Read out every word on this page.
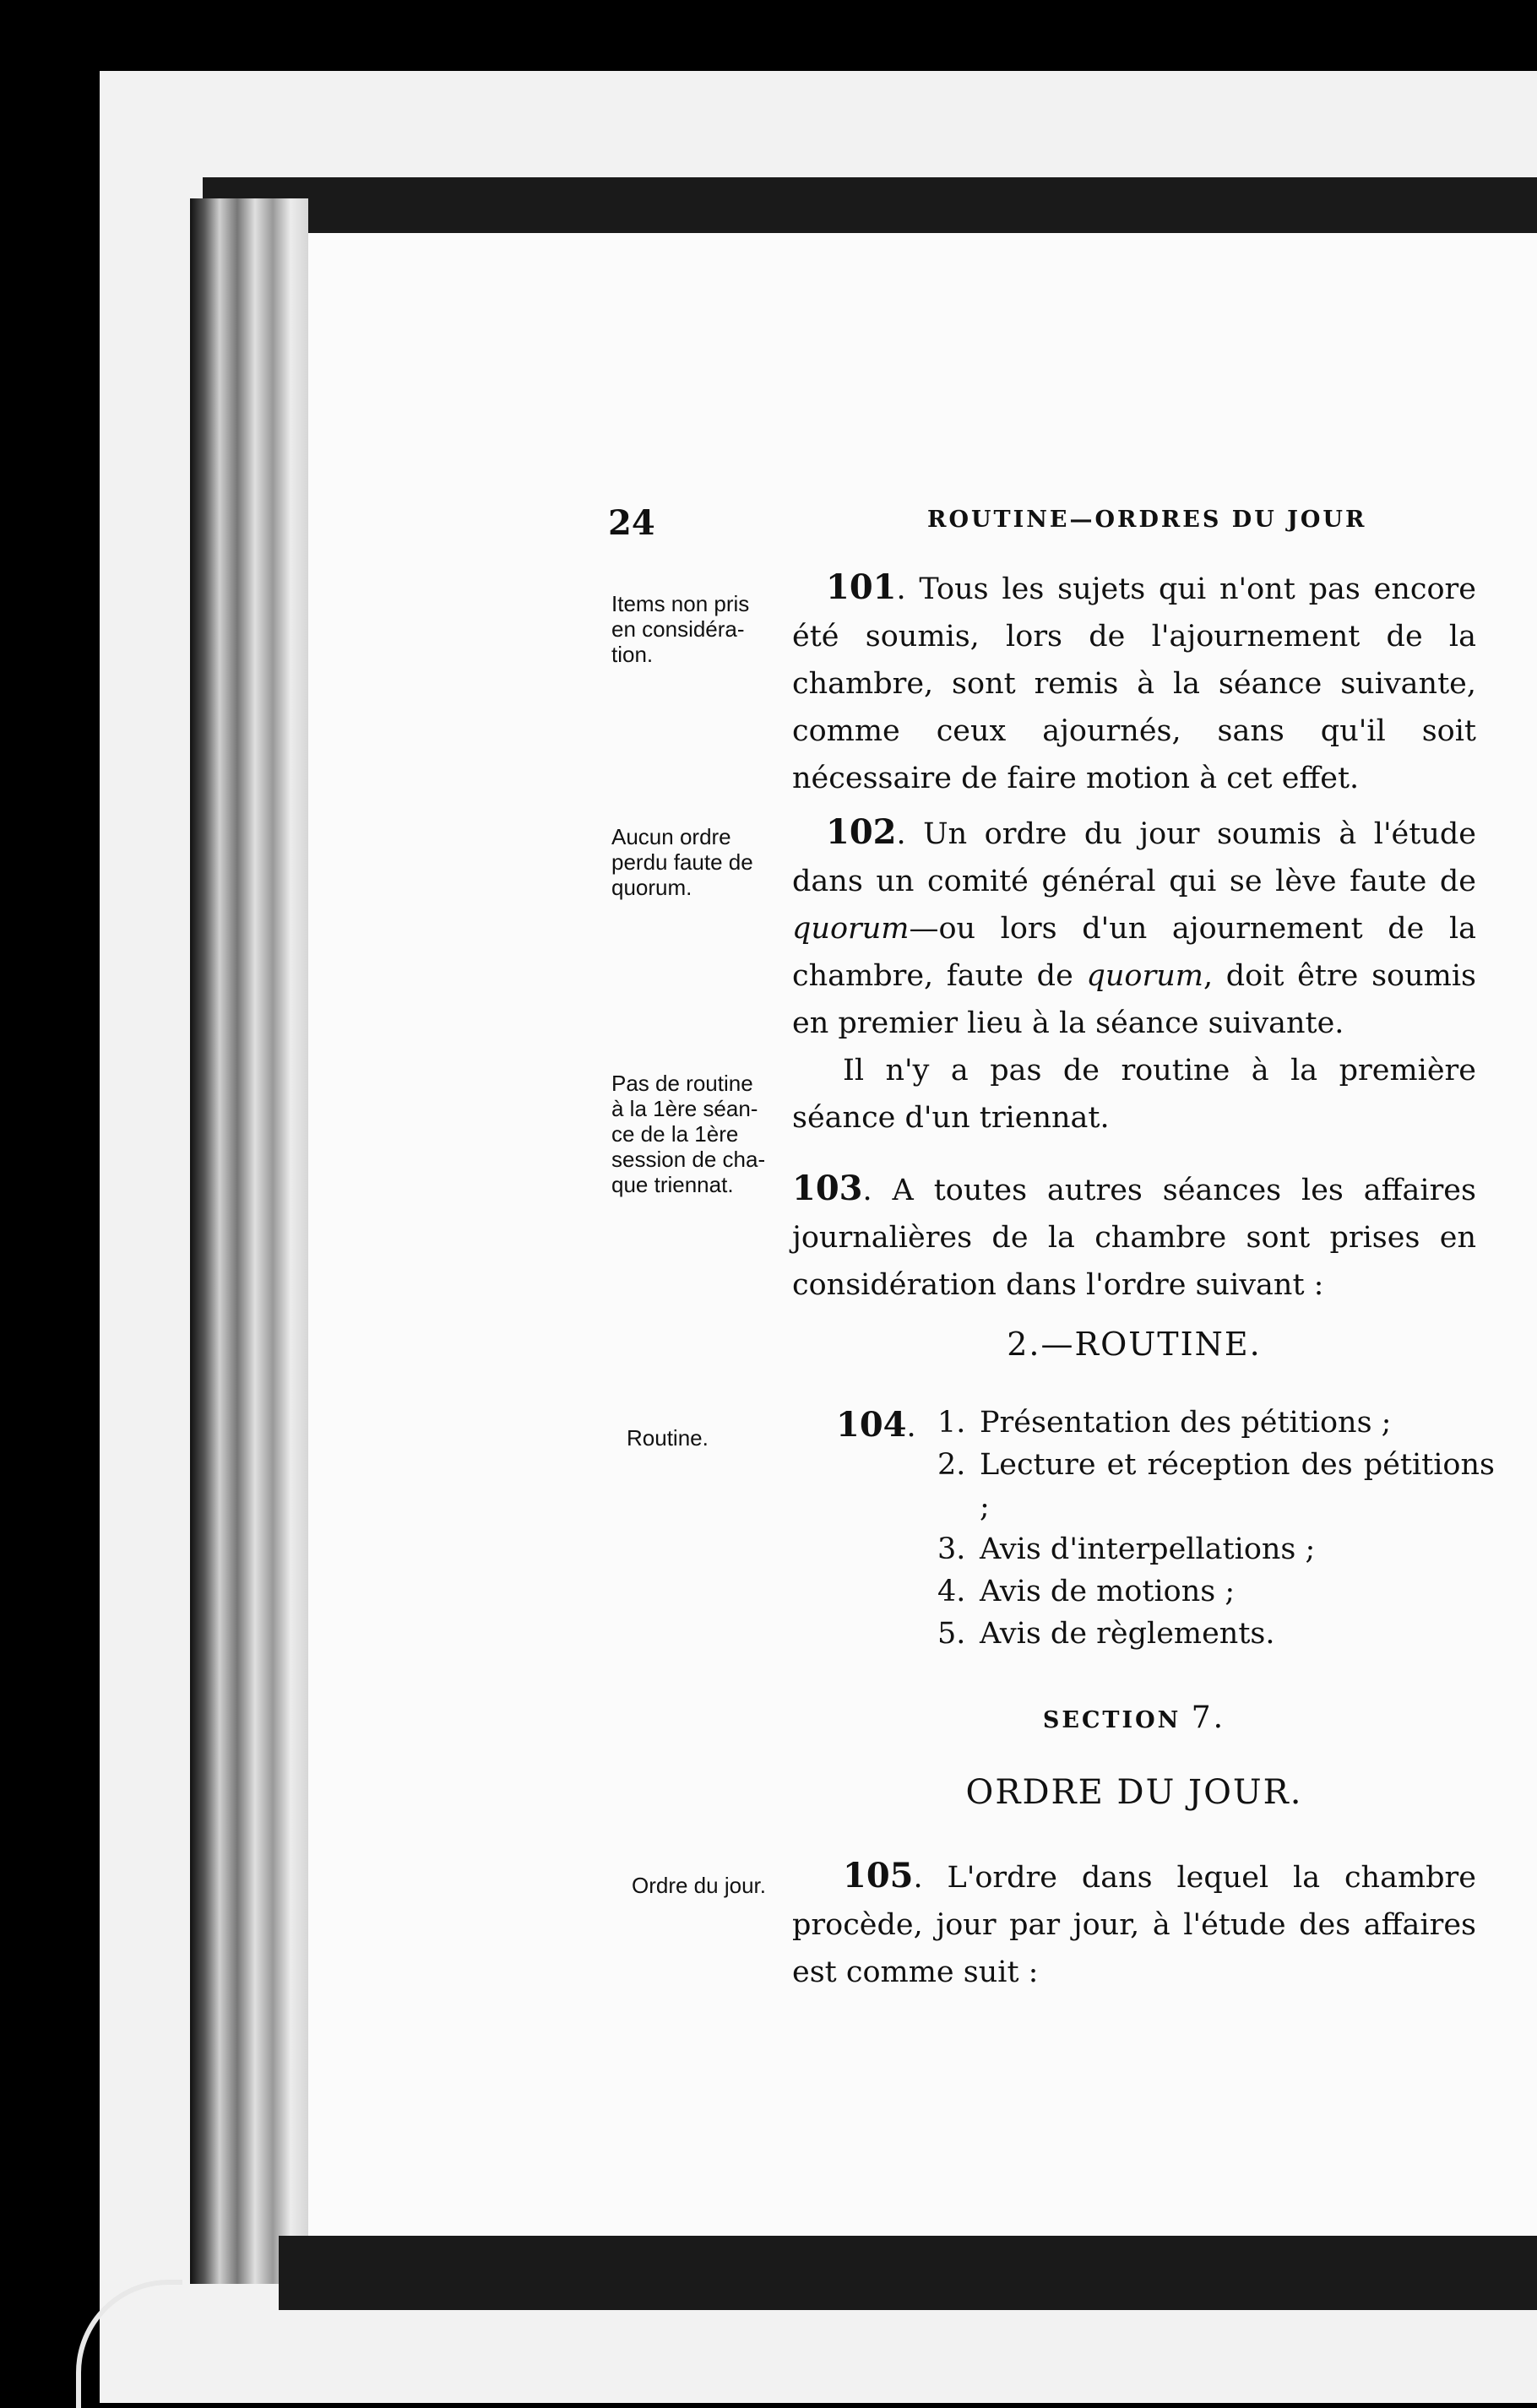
24	ROUTINE—ORDRES DU JOUR
Items non pris
en considéra-
tion.
Aucun ordre
perdu faute de
quorum.
Pas de routine
à la 1ère séan-
ce de la 1ère
session de cha-
que triennat.
Routine.
Ordre du jour.
101. Tous les sujets qui n'ont pas encore été soumis, lors de l'ajournement de la chambre, sont remis à la séance suivante, comme ceux ajournés, sans qu'il soit nécessaire de faire motion à cet effet.
102. Un ordre du jour soumis à l'étude dans un comité général qui se lève faute de quorum—ou lors d'un ajournement de la chambre, faute de quorum, doit être soumis en premier lieu à la séance suivante.
Il n'y a pas de routine à la première séance d'un triennat.
103. A toutes autres séances les affaires journalières de la chambre sont prises en considération dans l'ordre suivant :
2.—ROUTINE.
104. 1. Présentation des pétitions ;
2. Lecture et réception des pétitions ;
3. Avis d'interpellations ;
4. Avis de motions ;
5. Avis de règlements.
SECTION 7.
ORDRE DU JOUR.
105. L'ordre dans lequel la chambre procède, jour par jour, à l'étude des affaires est comme suit :
